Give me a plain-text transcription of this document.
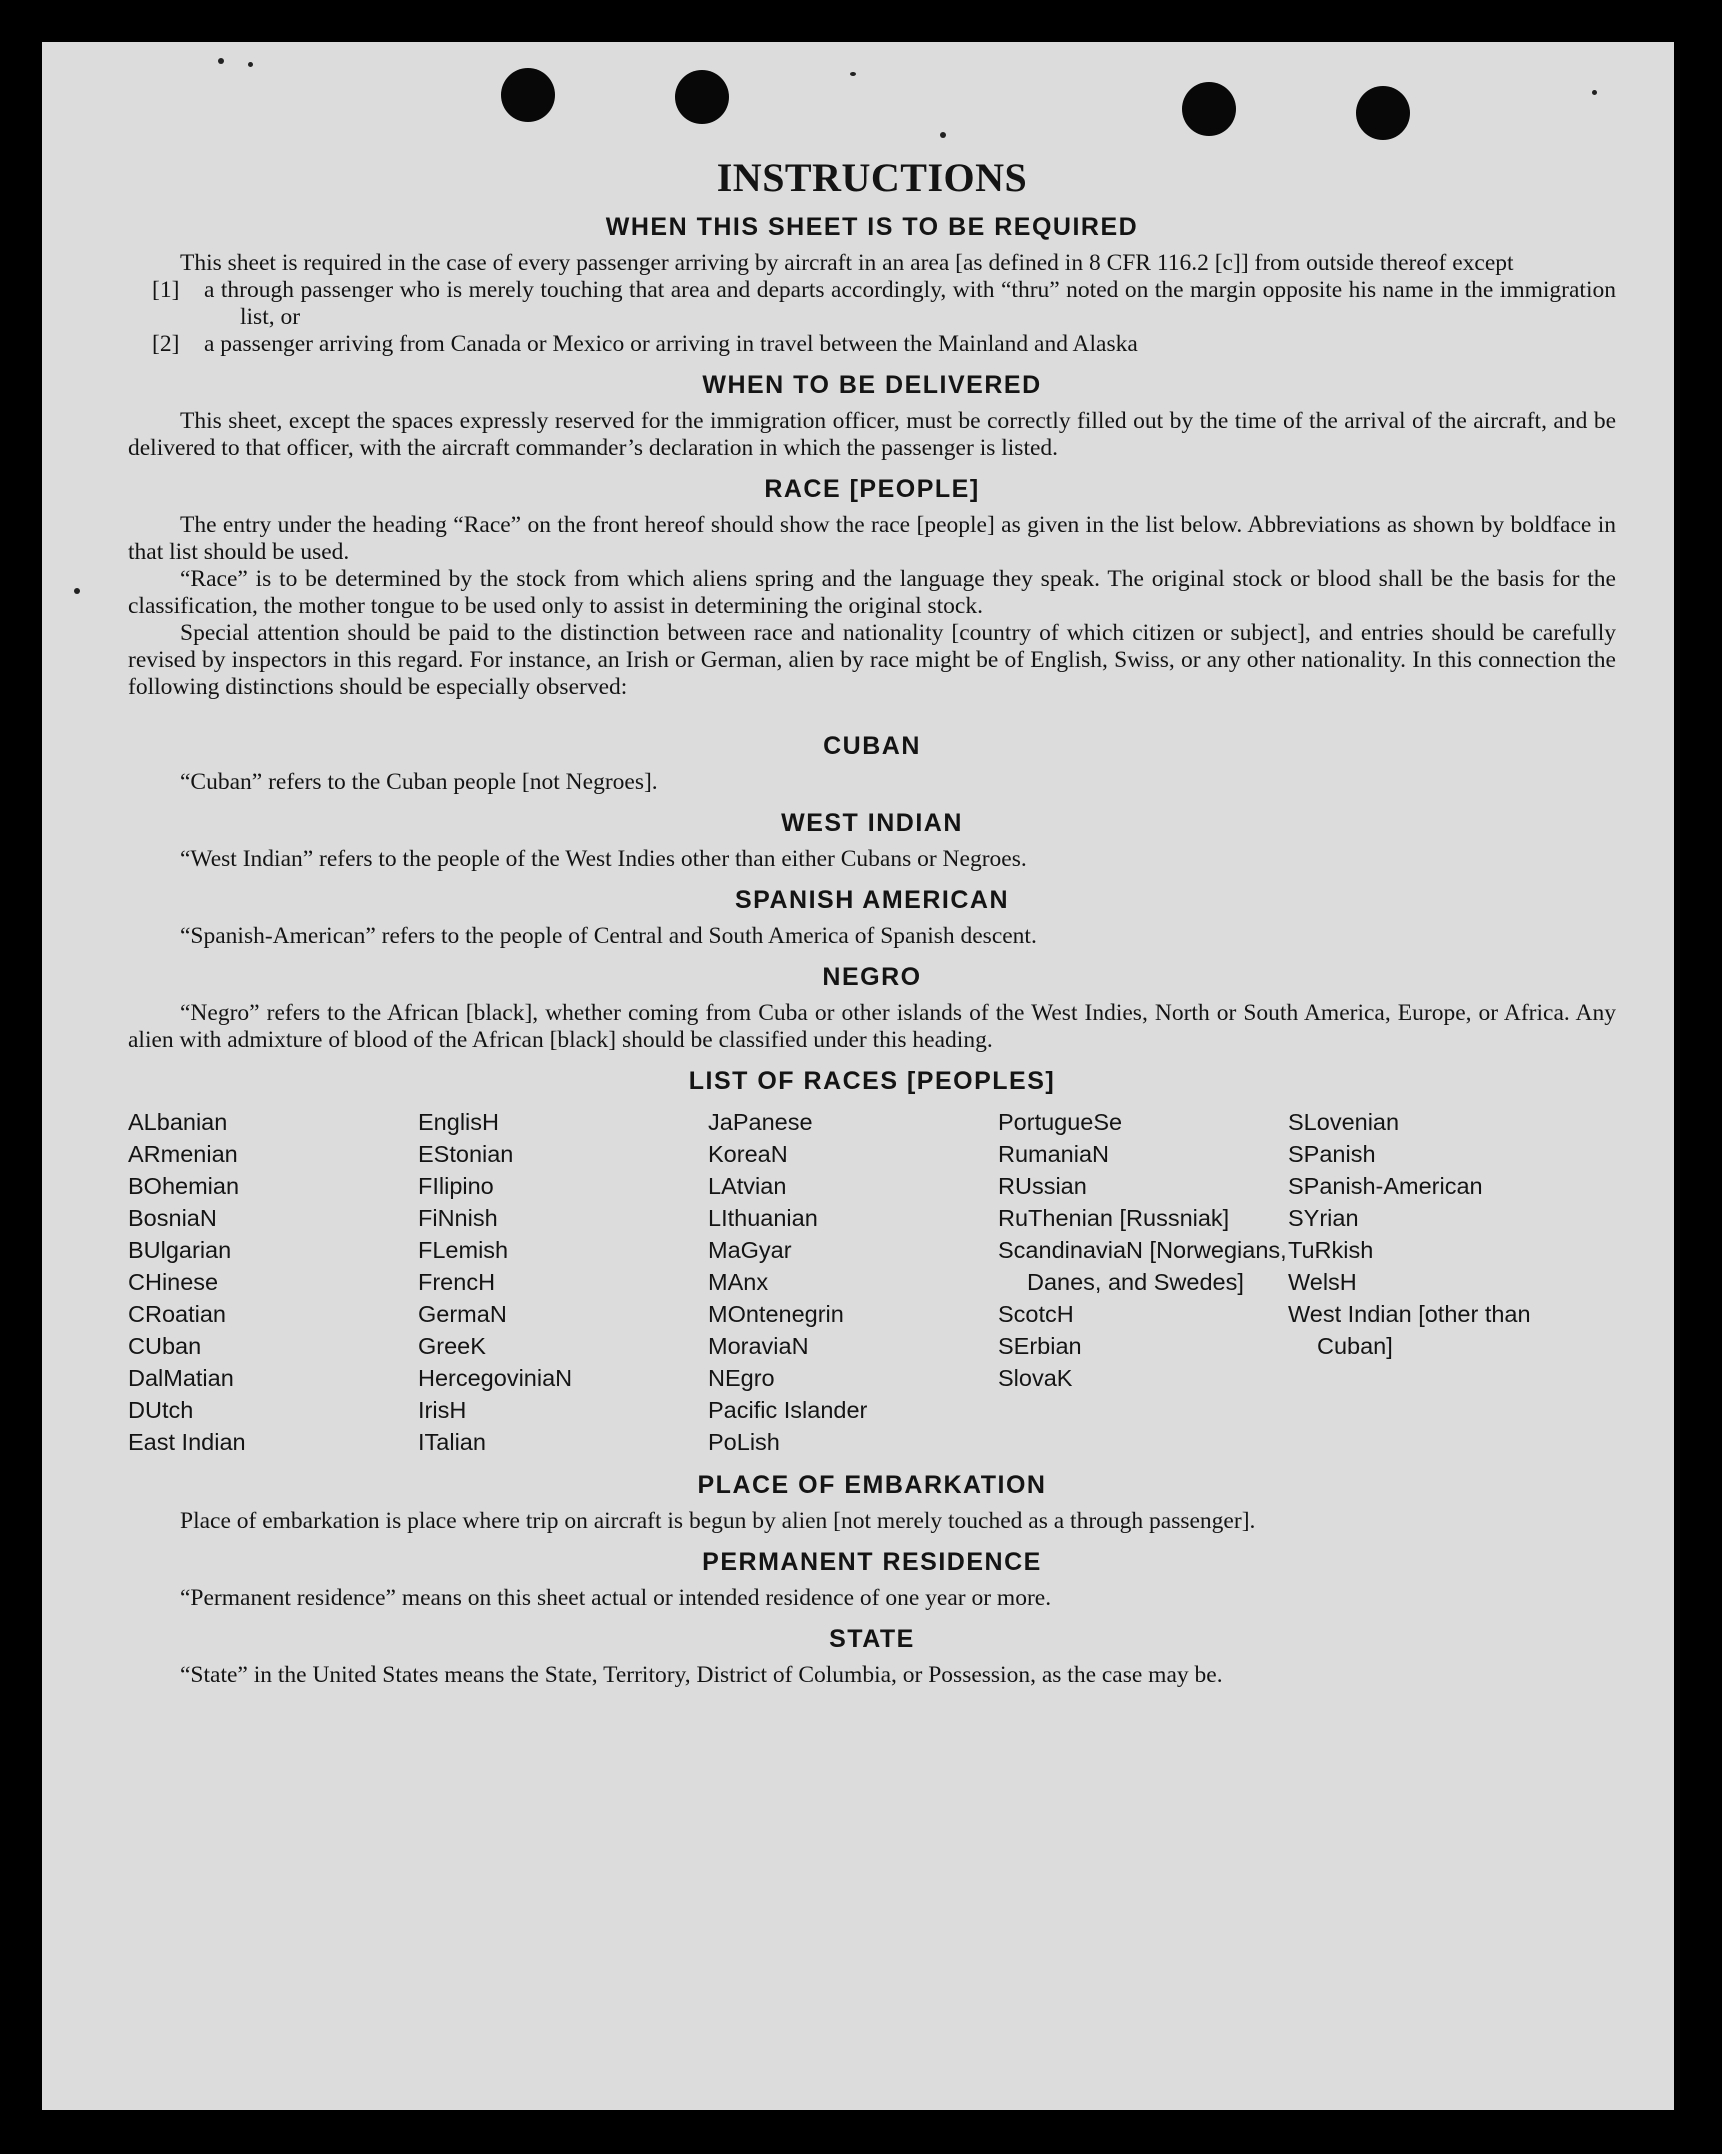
INSTRUCTIONS
WHEN THIS SHEET IS TO BE REQUIRED

This sheet is required in the case of every passenger arriving by aircraft in an area [as defined in 8 CFR 116.2 [c]] from outside thereof except

[1] a through passenger who is merely touching that area and departs accordingly, with “thru” noted on the margin opposite his name in the immigration list, or
[2] a passenger arriving from Canada or Mexico or arriving in travel between the Mainland and Alaska
WHEN TO BE DELIVERED

This sheet, except the spaces expressly reserved for the immigration officer, must be correctly filled out by the time of the arrival of the aircraft, and be delivered to that officer, with the aircraft commander’s declaration in which the passenger is listed.

RACE [PEOPLE]

The entry under the heading “Race” on the front hereof should show the race [people] as given in the list below. Abbreviations as shown by boldface in that list should be used.

“Race” is to be determined by the stock from which aliens spring and the language they speak. The original stock or blood shall be the basis for the classification, the mother tongue to be used only to assist in determining the original stock.

Special attention should be paid to the distinction between race and nationality [country of which citizen or subject], and entries should be carefully revised by inspectors in this regard. For instance, an Irish or German, alien by race might be of English, Swiss, or any other nationality. In this connection the following distinctions should be especially observed:

CUBAN

“Cuban” refers to the Cuban people [not Negroes].

WEST INDIAN

“West Indian” refers to the people of the West Indies other than either Cubans or Negroes.

SPANISH AMERICAN

“Spanish-American” refers to the people of Central and South America of Spanish descent.

NEGRO

“Negro” refers to the African [black], whether coming from Cuba or other islands of the West Indies, North or South America, Europe, or Africa. Any alien with admixture of blood of the African [black] should be classified under this heading.

LIST OF RACES [PEOPLES]
ALbanian
ARmenian
BOhemian
BosniaN
BUlgarian
CHinese
CRoatian
CUban
DalMatian
DUtch
East Indian
EnglisH
EStonian
FIlipino
FiNnish
FLemish
FrencH
GermaN
GreeK
HercegoviniaN
IrisH
ITalian
JaPanese
KoreaN
LAtvian
LIthuanian
MaGyar
MAnx
MOntenegrin
MoraviaN
NEgro
Pacific Islander
PoLish
PortugueSe
RumaniaN
RUssian
RuThenian [Russniak]
ScandinaviaN [Norwegians, Danes, and Swedes]
ScotcH
SErbian
SlovaK
SLovenian
SPanish
SPanish-American
SYrian
TuRkish
WelsH
West Indian [other than Cuban]
PLACE OF EMBARKATION

Place of embarkation is place where trip on aircraft is begun by alien [not merely touched as a through passenger].

PERMANENT RESIDENCE

“Permanent residence” means on this sheet actual or intended residence of one year or more.

STATE

“State” in the United States means the State, Territory, District of Columbia, or Possession, as the case may be.
